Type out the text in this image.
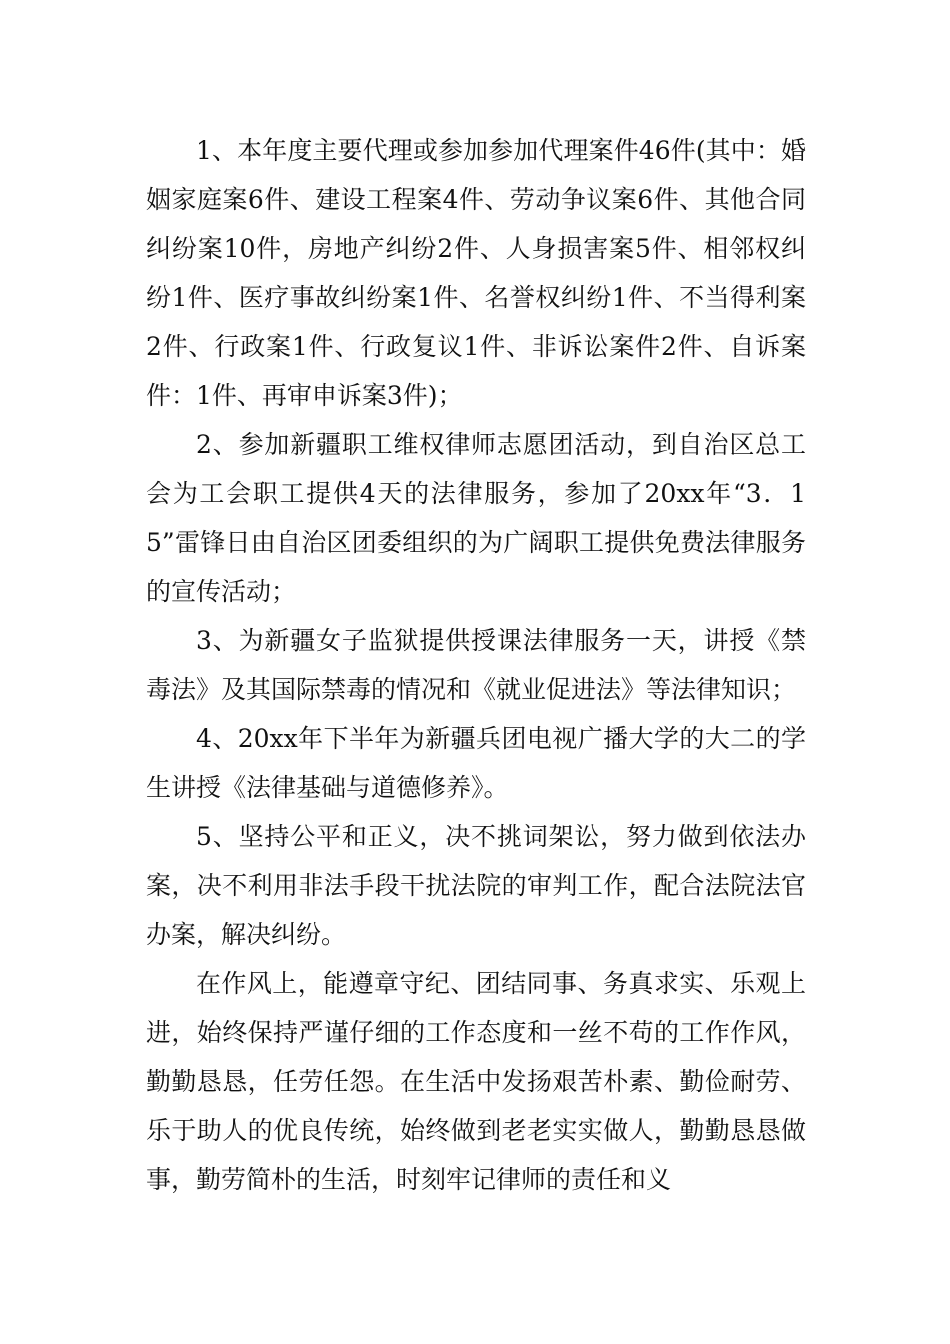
1、本年度主要代理或参加参加代理案件46件(其中：婚姻家庭案6件、建设工程案4件、劳动争议案6件、其他合同纠纷案10件，房地产纠纷2件、人身损害案5件、相邻权纠纷1件、医疗事故纠纷案1件、名誉权纠纷1件、不当得利案2件、行政案1件、行政复议1件、非诉讼案件2件、自诉案件：1件、再审申诉案3件)；

2、参加新疆职工维权律师志愿团活动，到自治区总工会为工会职工提供4天的法律服务，参加了20xx年“3．15”雷锋日由自治区团委组织的为广阔职工提供免费法律服务的宣传活动；

3、为新疆女子监狱提供授课法律服务一天，讲授《禁毒法》及其国际禁毒的情况和《就业促进法》等法律知识；

4、20xx年下半年为新疆兵团电视广播大学的大二的学生讲授《法律基础与道德修养》。

5、坚持公平和正义，决不挑词架讼，努力做到依法办案，决不利用非法手段干扰法院的审判工作，配合法院法官办案，解决纠纷。

在作风上，能遵章守纪、团结同事、务真求实、乐观上进，始终保持严谨仔细的工作态度和一丝不苟的工作作风，勤勤恳恳，任劳任怨。在生活中发扬艰苦朴素、勤俭耐劳、乐于助人的优良传统，始终做到老老实实做人，勤勤恳恳做事，勤劳简朴的生活，时刻牢记律师的责任和义
